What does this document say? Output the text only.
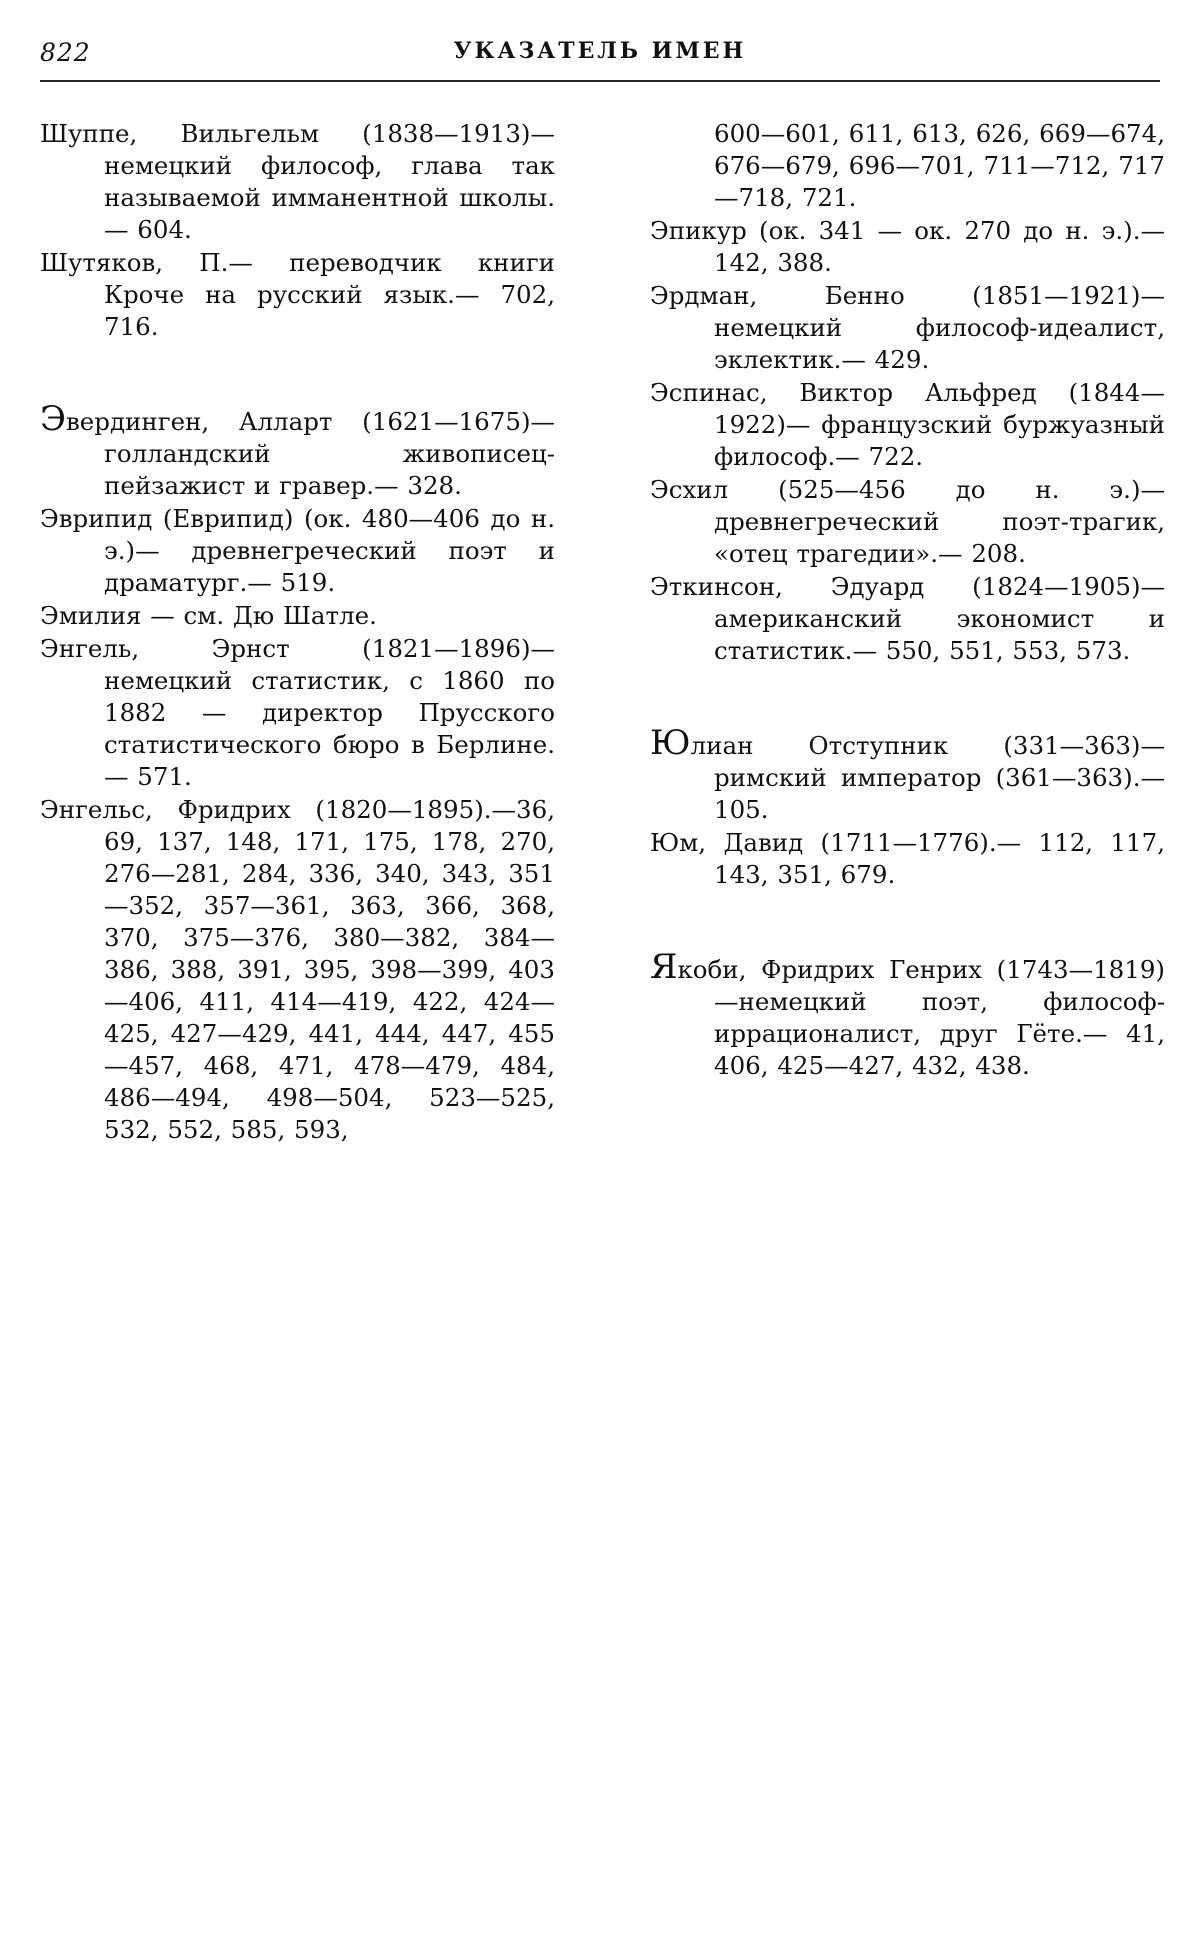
822	УКАЗАТЕЛЬ ИМЕН

Шуппе, Вильгельм (1838—1913)— немецкий философ, глава так называемой имманентной школы.— 604.

Шутяков, П.— переводчик книги Кроче на русский язык.— 702, 716.

Эвердинген, Алларт (1621—1675)— голландский живописец-пейзажист и гравер.— 328.

Эврипид (Еврипид) (ок. 480—406 до н. э.)— древнегреческий поэт и драматург.— 519.

Эмилия — см. Дю Шатле.

Энгель, Эрнст (1821—1896)— немецкий статистик, с 1860 по 1882 — директор Прусского статистического бюро в Берлине.— 571.

Энгельс, Фридрих (1820—1895).—36, 69, 137, 148, 171, 175, 178, 270, 276—281, 284, 336, 340, 343, 351—352, 357—361, 363, 366, 368, 370, 375—376, 380—382, 384—386, 388, 391, 395, 398—399, 403—406, 411, 414—419, 422, 424—425, 427—429, 441, 444, 447, 455—457, 468, 471, 478—479, 484, 486—494, 498—504, 523—525, 532, 552, 585, 593,

600—601, 611, 613, 626, 669—674, 676—679, 696—701, 711—712, 717—718, 721.

Эпикур (ок. 341 — ок. 270 до н. э.).— 142, 388.

Эрдман, Бенно (1851—1921)— немецкий философ-идеалист, эклектик.— 429.

Эспинас, Виктор Альфред (1844—1922)— французский буржуазный философ.— 722.

Эсхил (525—456 до н. э.)— древнегреческий поэт-трагик, «отец трагедии».— 208.

Эткинсон, Эдуард (1824—1905)— американский экономист и статистик.— 550, 551, 553, 573.

Юлиан Отступник (331—363)— римский император (361—363).— 105.

Юм, Давид (1711—1776).— 112, 117, 143, 351, 679.

Якоби, Фридрих Генрих (1743—1819)—немецкий поэт, философ-иррационалист, друг Гёте.— 41, 406, 425—427, 432, 438.
